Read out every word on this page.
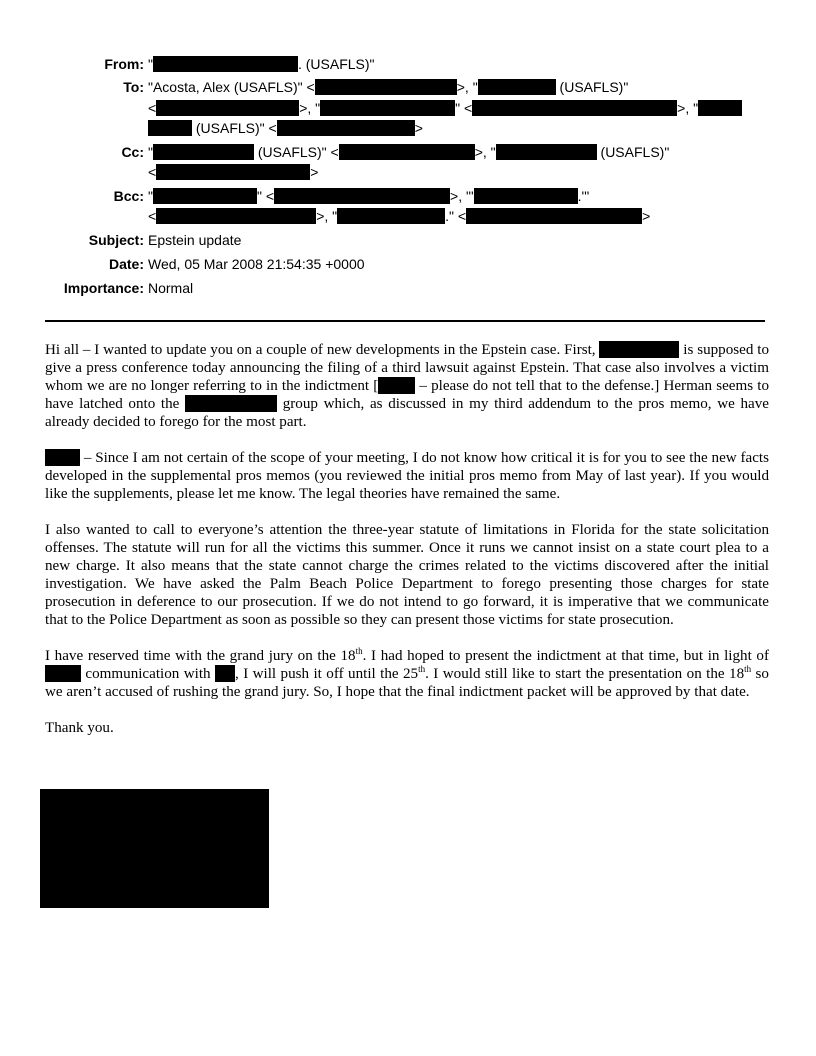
From: "	. (USAFLS)"
To: "Acosta, Alex (USAFLS)" <	>, "	(USAFLS)"
<	>, "	" <	>, "
(USAFLS)" <	>
Cc: "	(USAFLS)" <	>, "	(USAFLS)"
<	>
Bcc: "	" <	>, "'	.'"
<	>, "	." <	>
Subject: Epstein update
Date: Wed, 05 Mar 2008 21:54:35 +0000
Importance: Normal

Hi all – I wanted to update you on a couple of new developments in the Epstein case. First,	is supposed to give a press conference today announcing the filing of a third lawsuit against Epstein. That case also involves a victim whom we are no longer referring to in the indictment [ – please do not tell that to the defense.] Herman seems to have latched onto the	group which, as discussed in my third addendum to the pros memo, we have already decided to forego for the most part.

– Since I am not certain of the scope of your meeting, I do not know how critical it is for you to see the new facts developed in the supplemental pros memos (you reviewed the initial pros memo from May of last year). If you would like the supplements, please let me know. The legal theories have remained the same.

I also wanted to call to everyone’s attention the three-year statute of limitations in Florida for the state solicitation offenses. The statute will run for all the victims this summer. Once it runs we cannot insist on a state court plea to a new charge. It also means that the state cannot charge the crimes related to the victims discovered after the initial investigation. We have asked the Palm Beach Police Department to forego presenting those charges for state prosecution in deference to our prosecution. If we do not intend to go forward, it is imperative that we communicate that to the Police Department as soon as possible so they can present those victims for state prosecution.

I have reserved time with the grand jury on the 18th. I had hoped to present the indictment at that time, but in light of  communication with , I will push it off until the 25th. I would still like to start the presentation on the 18th so we aren’t accused of rushing the grand jury. So, I hope that the final indictment packet will be approved by that date.

Thank you.
